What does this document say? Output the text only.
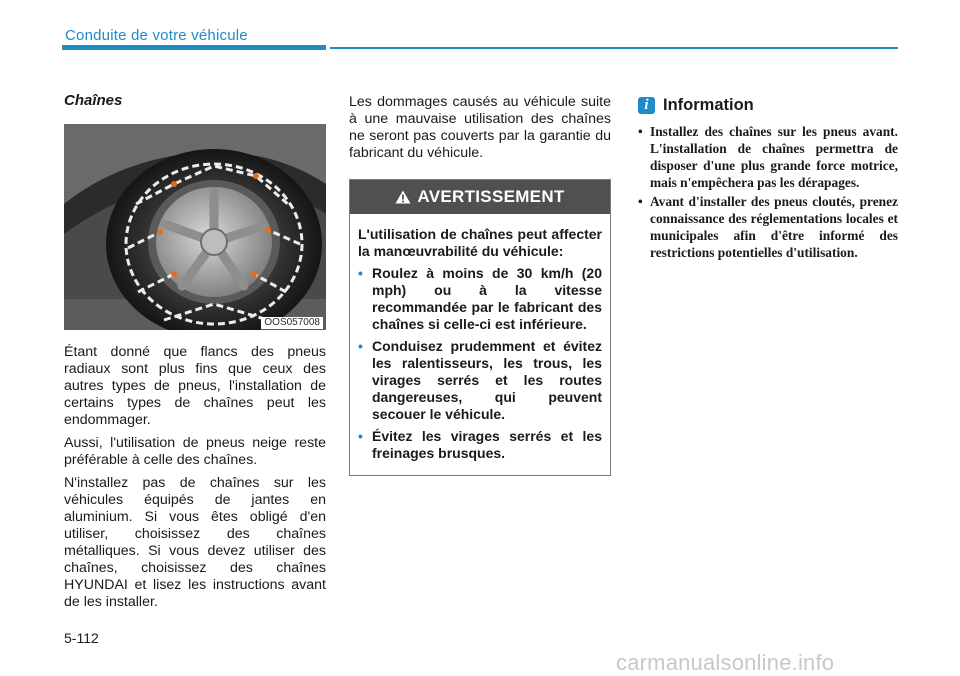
Conduite de votre véhicule
Chaînes
OOS057008

Étant donné que flancs des pneus radiaux sont plus fins que ceux des autres types de pneus, l'installation de certains types de chaînes peut les endommager.

Aussi, l'utilisation de pneus neige reste préférable à celle des chaînes.

N'installez pas de chaînes sur les véhicules équipés de jantes en aluminium. Si vous êtes obligé d'en utiliser, choisissez des chaînes métalliques. Si vous devez utiliser des chaînes, choisissez des chaînes HYUNDAI et lisez les instructions avant de les installer.

Les dommages causés au véhicule suite à une mauvaise utilisation des chaînes ne seront pas couverts par la garantie du fabricant du véhicule.

AVERTISSEMENT
L'utilisation de chaînes peut affecter la manœuvrabilité du véhicule:
• Roulez à moins de 30 km/h (20 mph) ou à la vitesse recommandée par le fabricant des chaînes si celle-ci est inférieure.
• Conduisez prudemment et évitez les ralentisseurs, les trous, les virages serrés et les routes dangereuses, qui peuvent secouer le véhicule.
• Évitez les virages serrés et les freinages brusques.
i Information
• Installez des chaînes sur les pneus avant. L'installation de chaînes permettra de disposer d'une plus grande force motrice, mais n'empêchera pas les dérapages.
• Avant d'installer des pneus cloutés, prenez connaissance des réglementations locales et municipales afin d'être informé des restrictions potentielles d'utilisation.
5-112
carmanualsonline.info
